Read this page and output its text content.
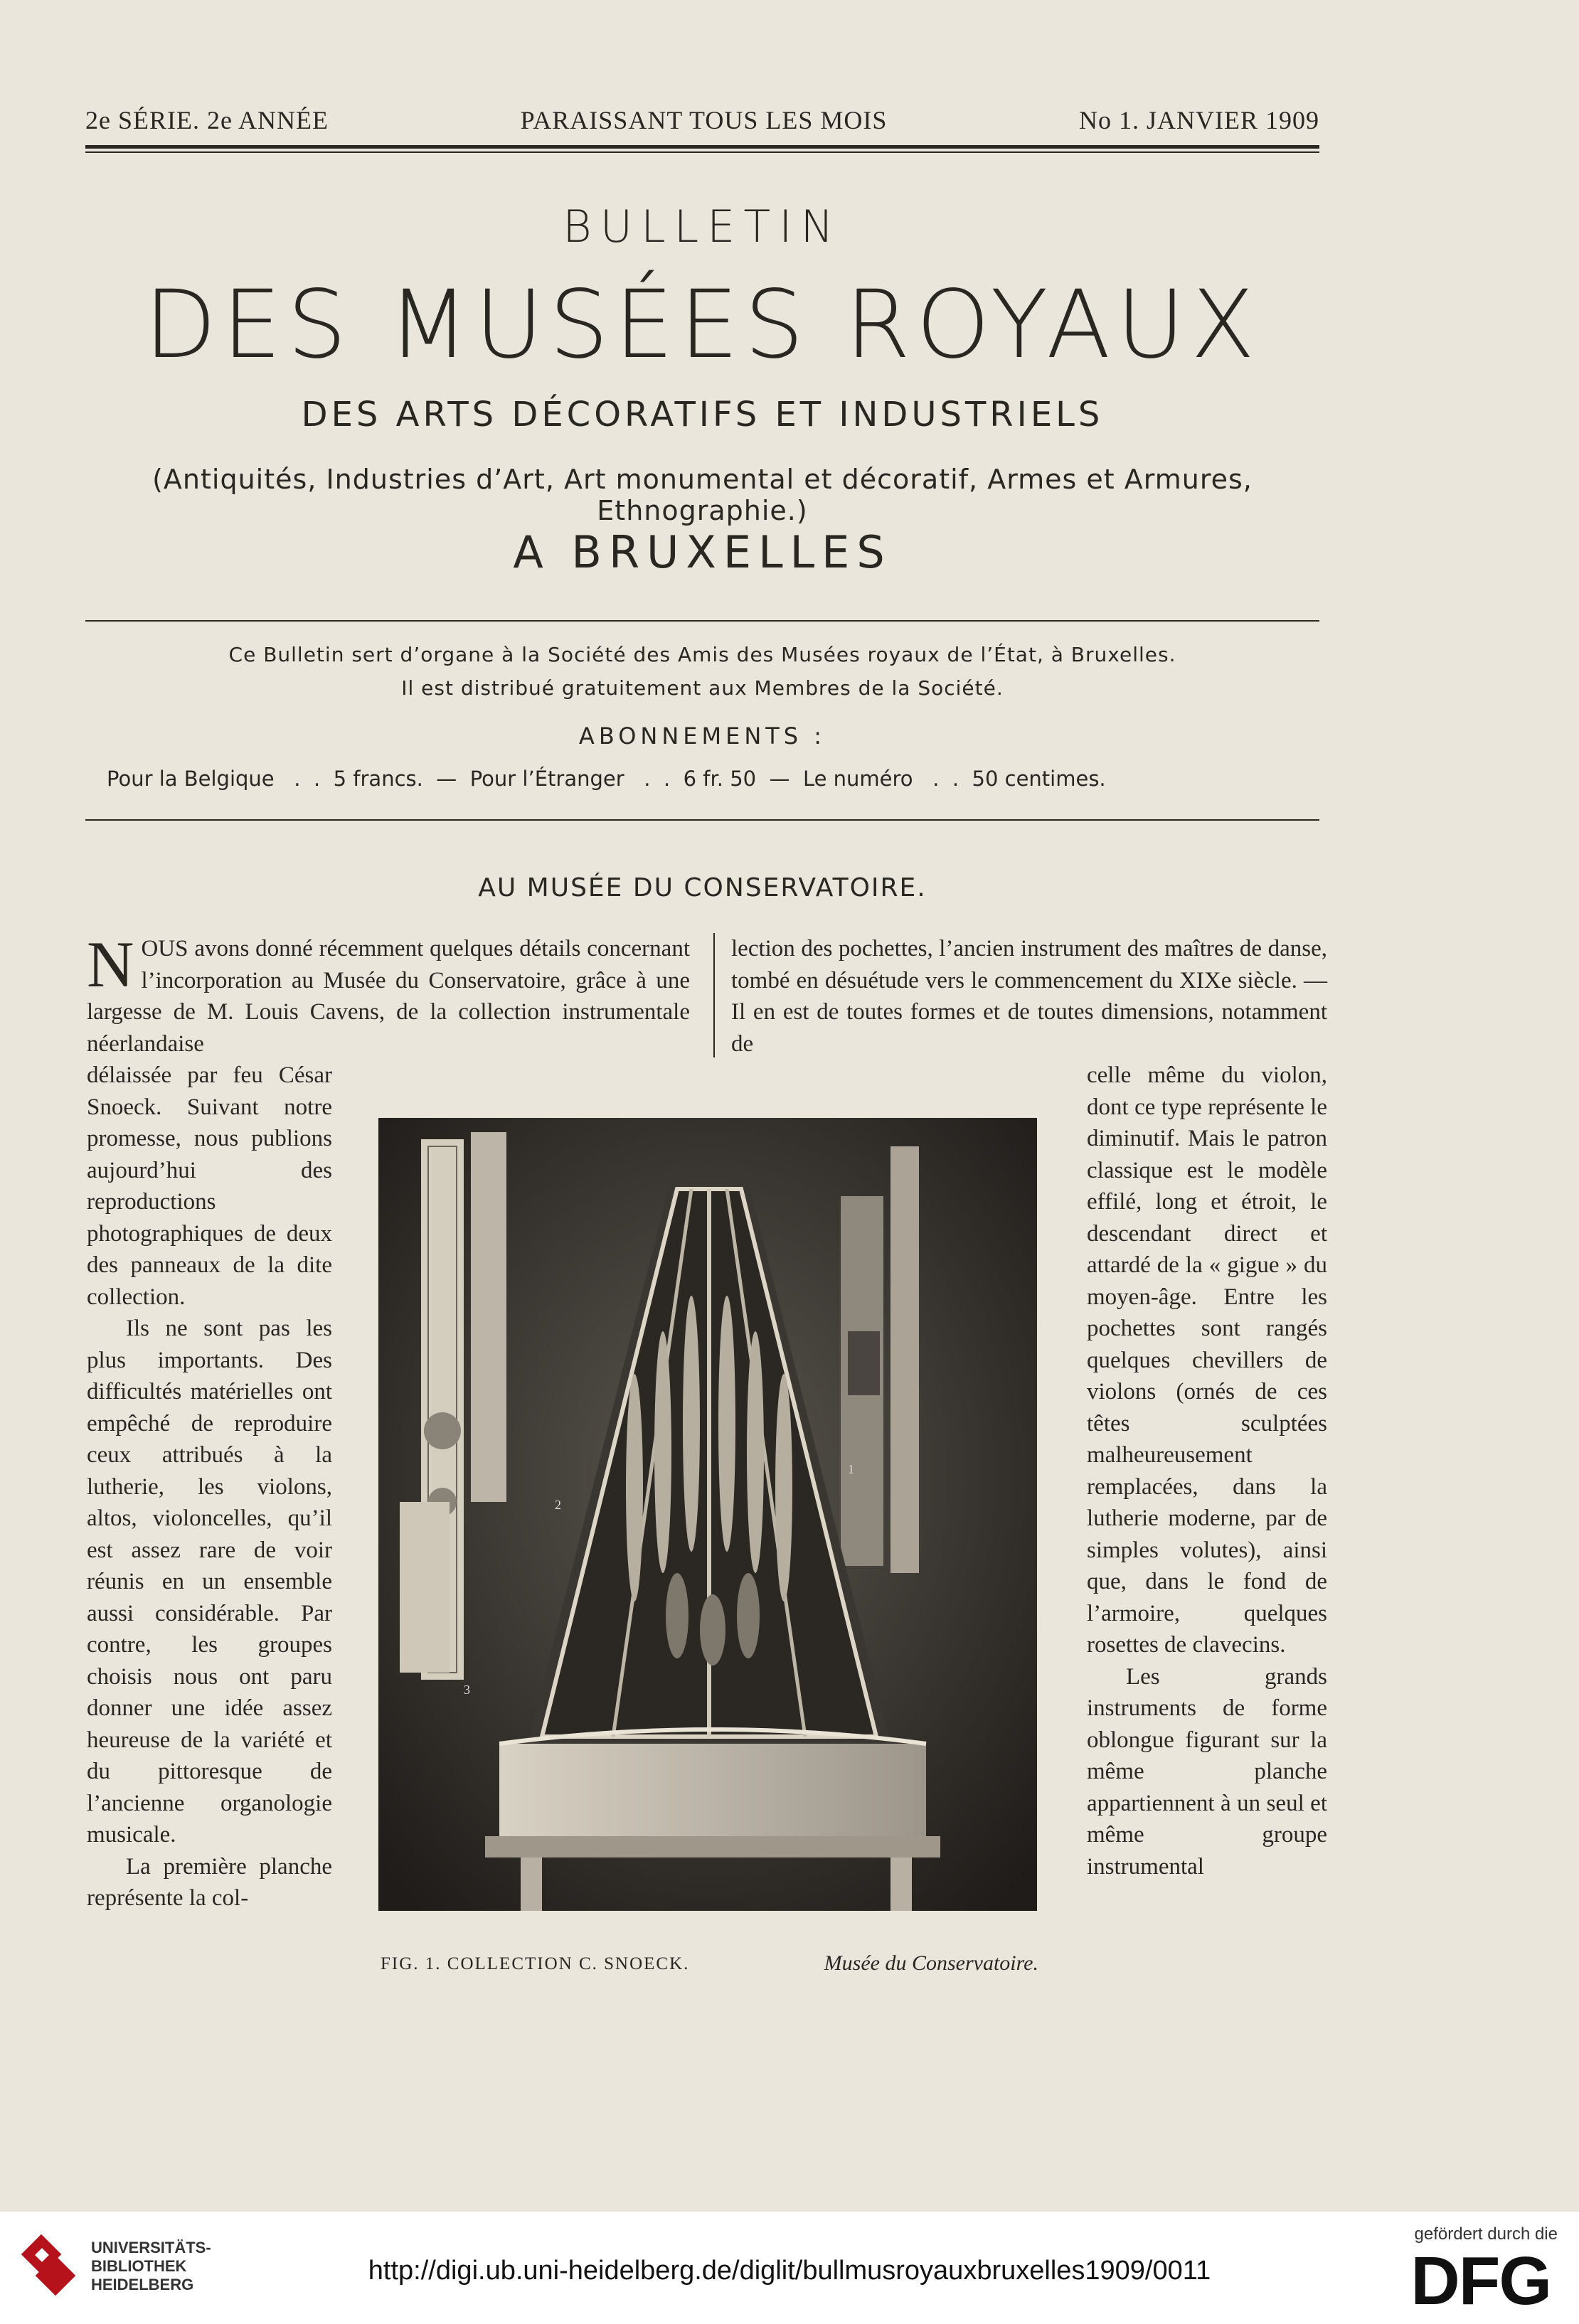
2e SÉRIE. 2e ANNÉE	PARAISSANT TOUS LES MOIS	No 1. JANVIER 1909
BULLETIN
DES MUSÉES ROYAUX
DES ARTS DÉCORATIFS ET INDUSTRIELS
(Antiquités, Industries d’Art, Art monumental et décoratif, Armes et Armures, Ethnographie.)
A BRUXELLES
Ce Bulletin sert d’organe à la Société des Amis des Musées royaux de l’État, à Bruxelles.
Il est distribué gratuitement aux Membres de la Société.
ABONNEMENTS :
Pour la Belgique   .  .  5 francs.  —  Pour l’Étranger   .  .  6 fr. 50  —  Le numéro   .  .  50 centimes.
AU MUSÉE DU CONSERVATOIRE.

NOUS avons donné récemment quelques détails concernant l’incorporation au Musée du Conservatoire, grâce à une largesse de M. Louis Cavens, de la collection instrumentale néerlandaise

lection des pochettes, l’ancien instrument des maîtres de danse, tombé en désuétude vers le commencement du XIXe siècle. — Il en est de toutes formes et de toutes dimensions, notamment de

délaissée par feu César Snoeck. Suivant notre promesse, nous publions aujourd’hui des reproductions photographiques de deux des panneaux de la dite collection.

Ils ne sont pas les plus importants. Des difficultés matérielles ont empêché de reproduire ceux attribués à la lutherie, les violons, altos, violoncelles, qu’il est assez rare de voir réunis en un ensemble aussi considérable. Par contre, les groupes choisis nous ont paru donner une idée assez heureuse de la variété et du pittoresque de l’ancienne organologie musicale.

La première planche représente la col-

celle même du violon, dont ce type représente le diminutif. Mais le patron classique est le modèle effilé, long et étroit, le descendant direct et attardé de la « gigue » du moyen-âge. Entre les pochettes sont rangés quelques chevillers de violons (ornés de ces têtes sculptées malheureusement remplacées, dans la lutherie moderne, par de simples volutes), ainsi que, dans le fond de l’armoire, quelques rosettes de clavecins.

Les grands instruments de forme oblongue figurant sur la même planche appartiennent à un seul et même groupe instrumental

1
2
3
FIG. 1. COLLECTION C. SNOECK.	Musée du Conservatoire.
UNIVERSITÄTS-
BIBLIOTHEK
HEIDELBERG	http://digi.ub.uni-heidelberg.de/diglit/bullmusroyauxbruxelles1909/0011
gefördert durch die
DFG
